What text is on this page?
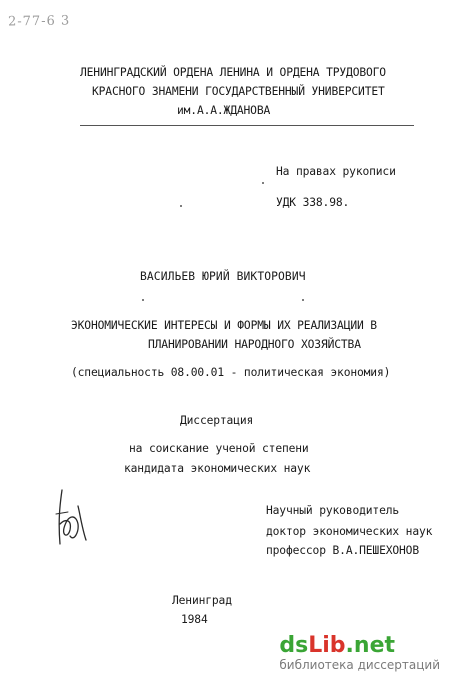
2-77-6 3
ЛЕНИНГРАДСКИЙ ОРДЕНА ЛЕНИНА И ОРДЕНА ТРУДОВОГО
КРАСНОГО ЗНАМЕНИ ГОСУДАРСТВЕННЫЙ УНИВЕРСИТЕТ
им.А.А.ЖДАНОВА
На правах рукописи
УДК 338.98.
ВАСИЛЬЕВ ЮРИЙ ВИКТОРОВИЧ
ЭКОНОМИЧЕСКИЕ ИНТЕРЕСЫ И ФОРМЫ ИХ РЕАЛИЗАЦИИ В
ПЛАНИРОВАНИИ НАРОДНОГО ХОЗЯЙСТВА
(специальность 08.00.01 - политическая экономия)
Диссертация
на соискание ученой степени
кандидата экономических наук
Научный руководитель
доктор экономических наук
профессор В.А.ПЕШЕХОНОВ
Ленинград
1984
dsLib.net
библиотека диссертаций
